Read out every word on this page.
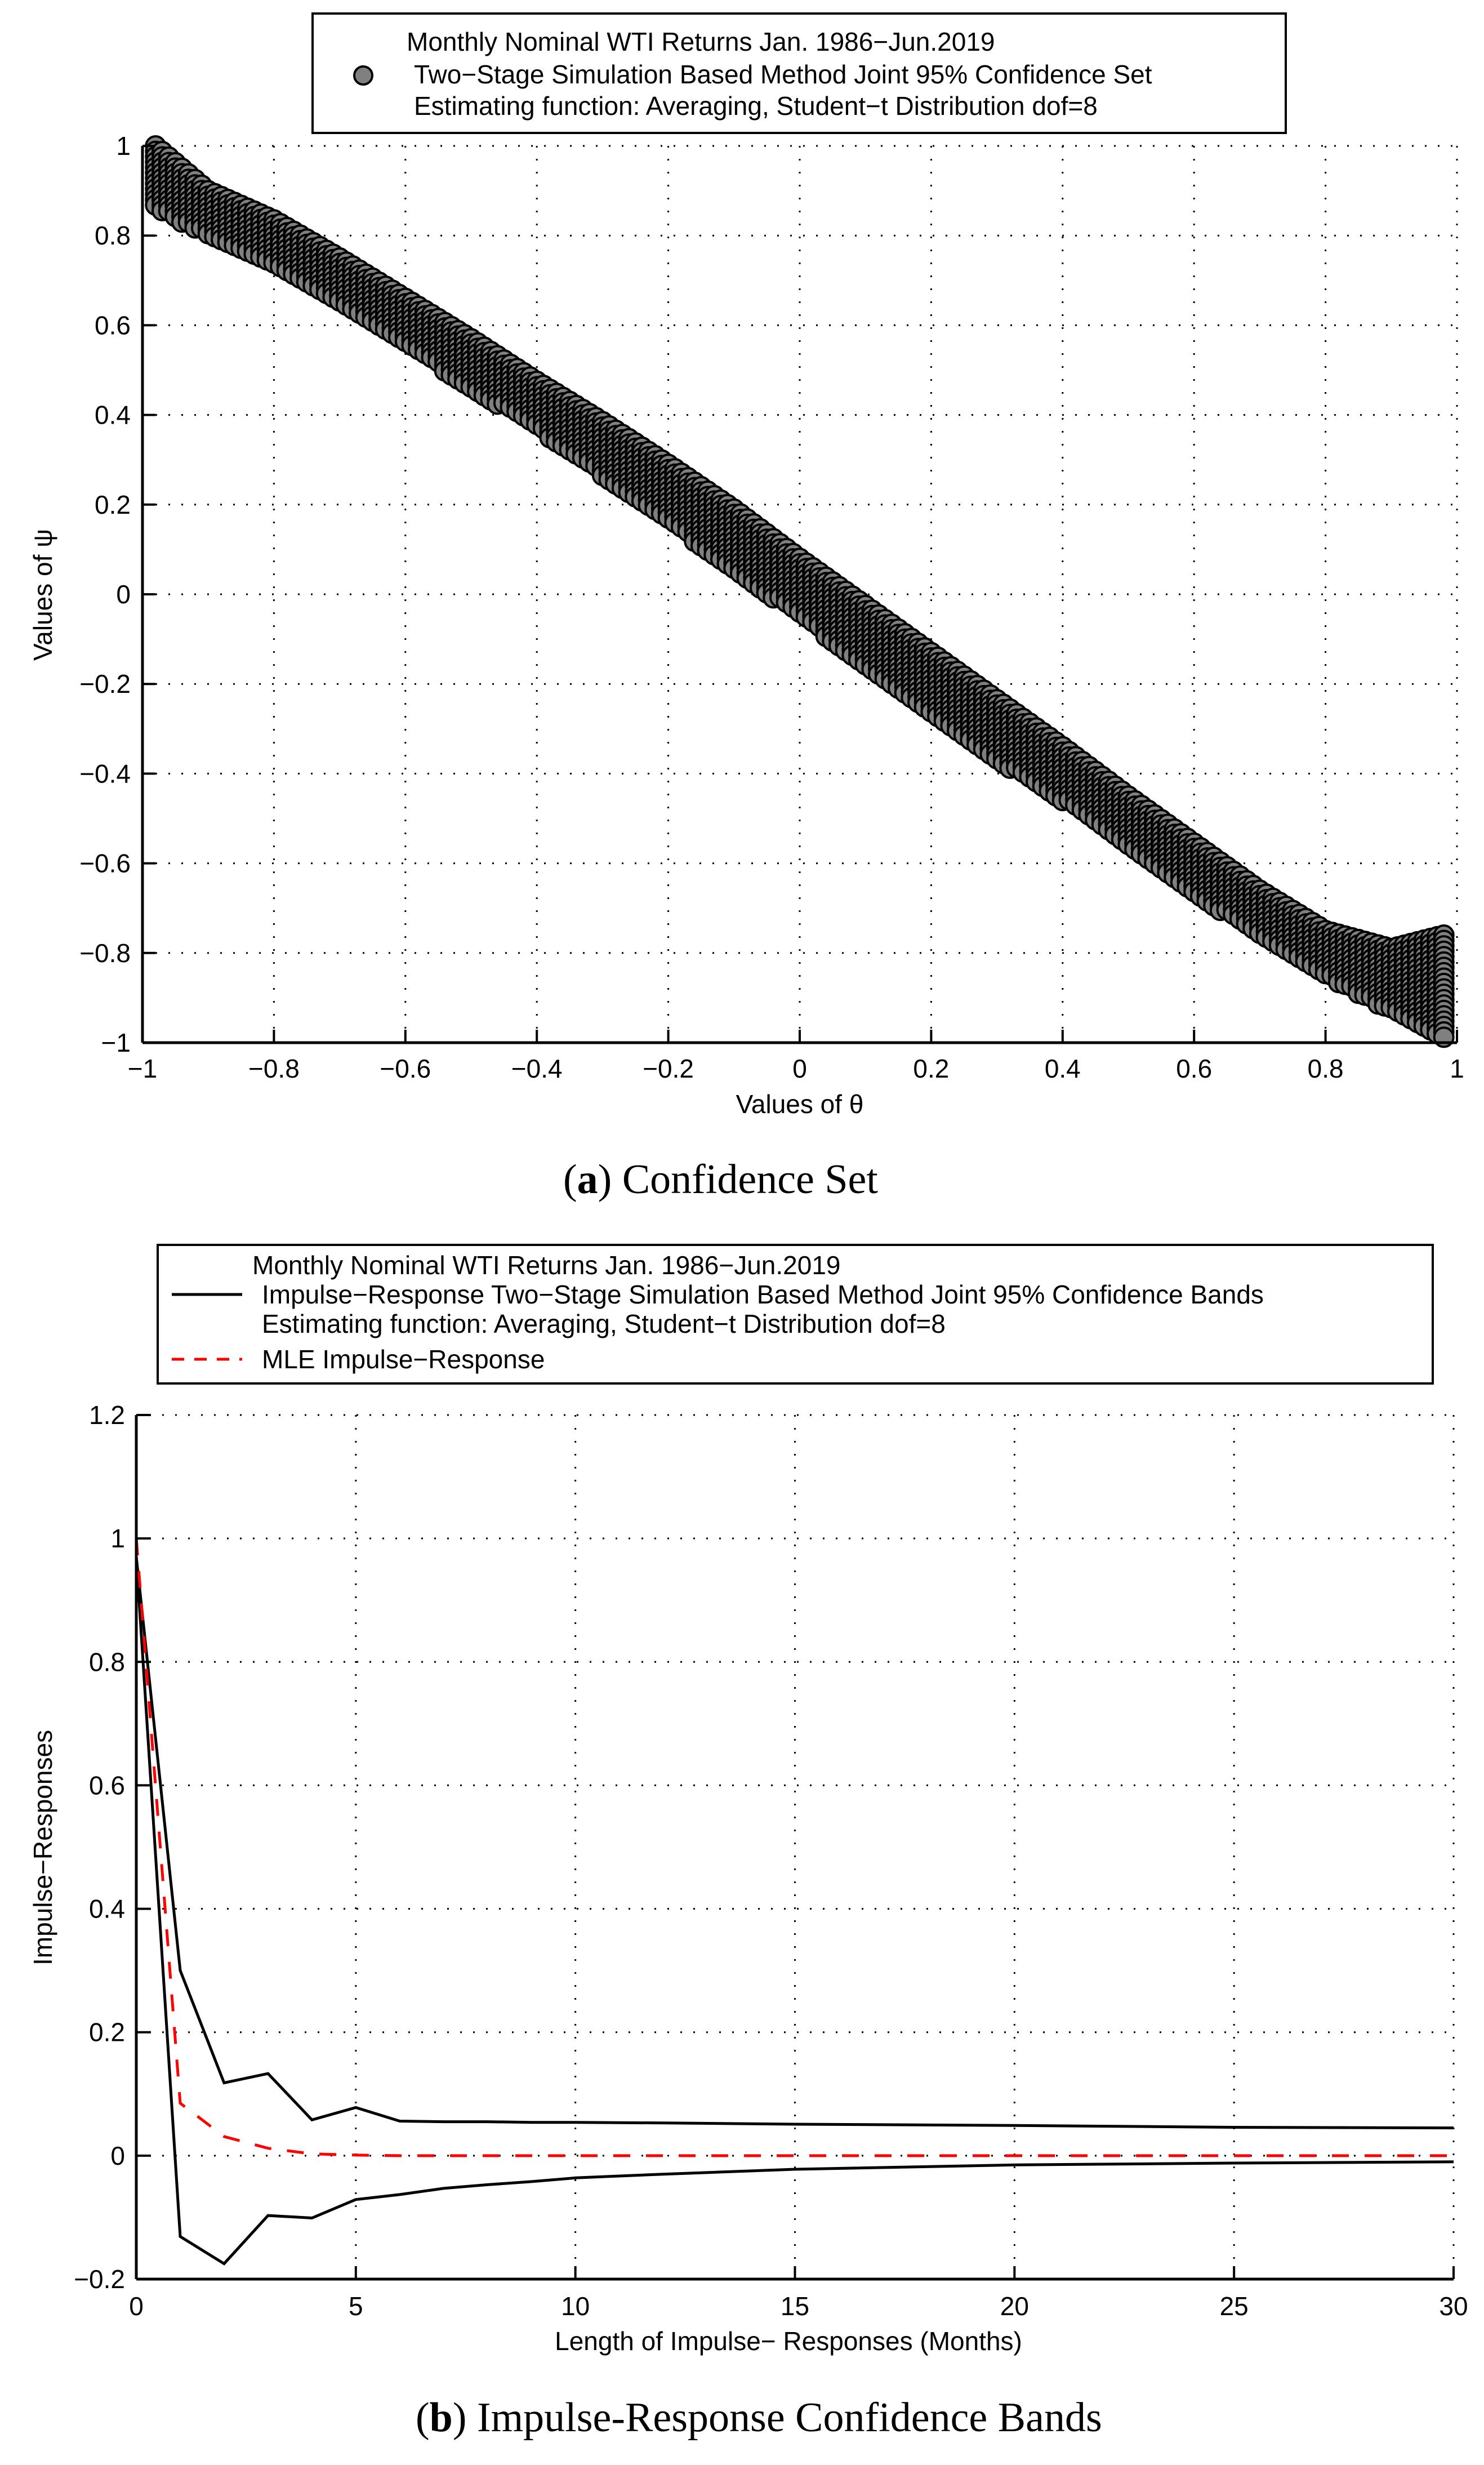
−1	−0.8	−0.6	−0.4	−0.2	0	0.2	0.4	0.6	0.8	1
−1
−0.8
−0.6
−0.4
−0.2
0
0.2
0.4
0.6
0.8
1
Values of θ
Values of ψ
Monthly Nominal WTI Returns Jan. 1986−Jun.2019
Two−Stage Simulation Based Method Joint 95% Confidence Set
Estimating function: Averaging, Student−t Distribution dof=8
0	5	10	15	20	25	30
−0.2
0
0.2
0.4
0.6
0.8
1
1.2
Length of Impulse− Responses (Months)
Impulse−Responses
Monthly Nominal WTI Returns Jan. 1986−Jun.2019
Impulse−Response Two−Stage Simulation Based Method Joint 95% Confidence Bands
Estimating function: Averaging, Student−t Distribution dof=8
MLE Impulse−Response
(a) Confidence Set
(b) Impulse-Response Confidence Bands
